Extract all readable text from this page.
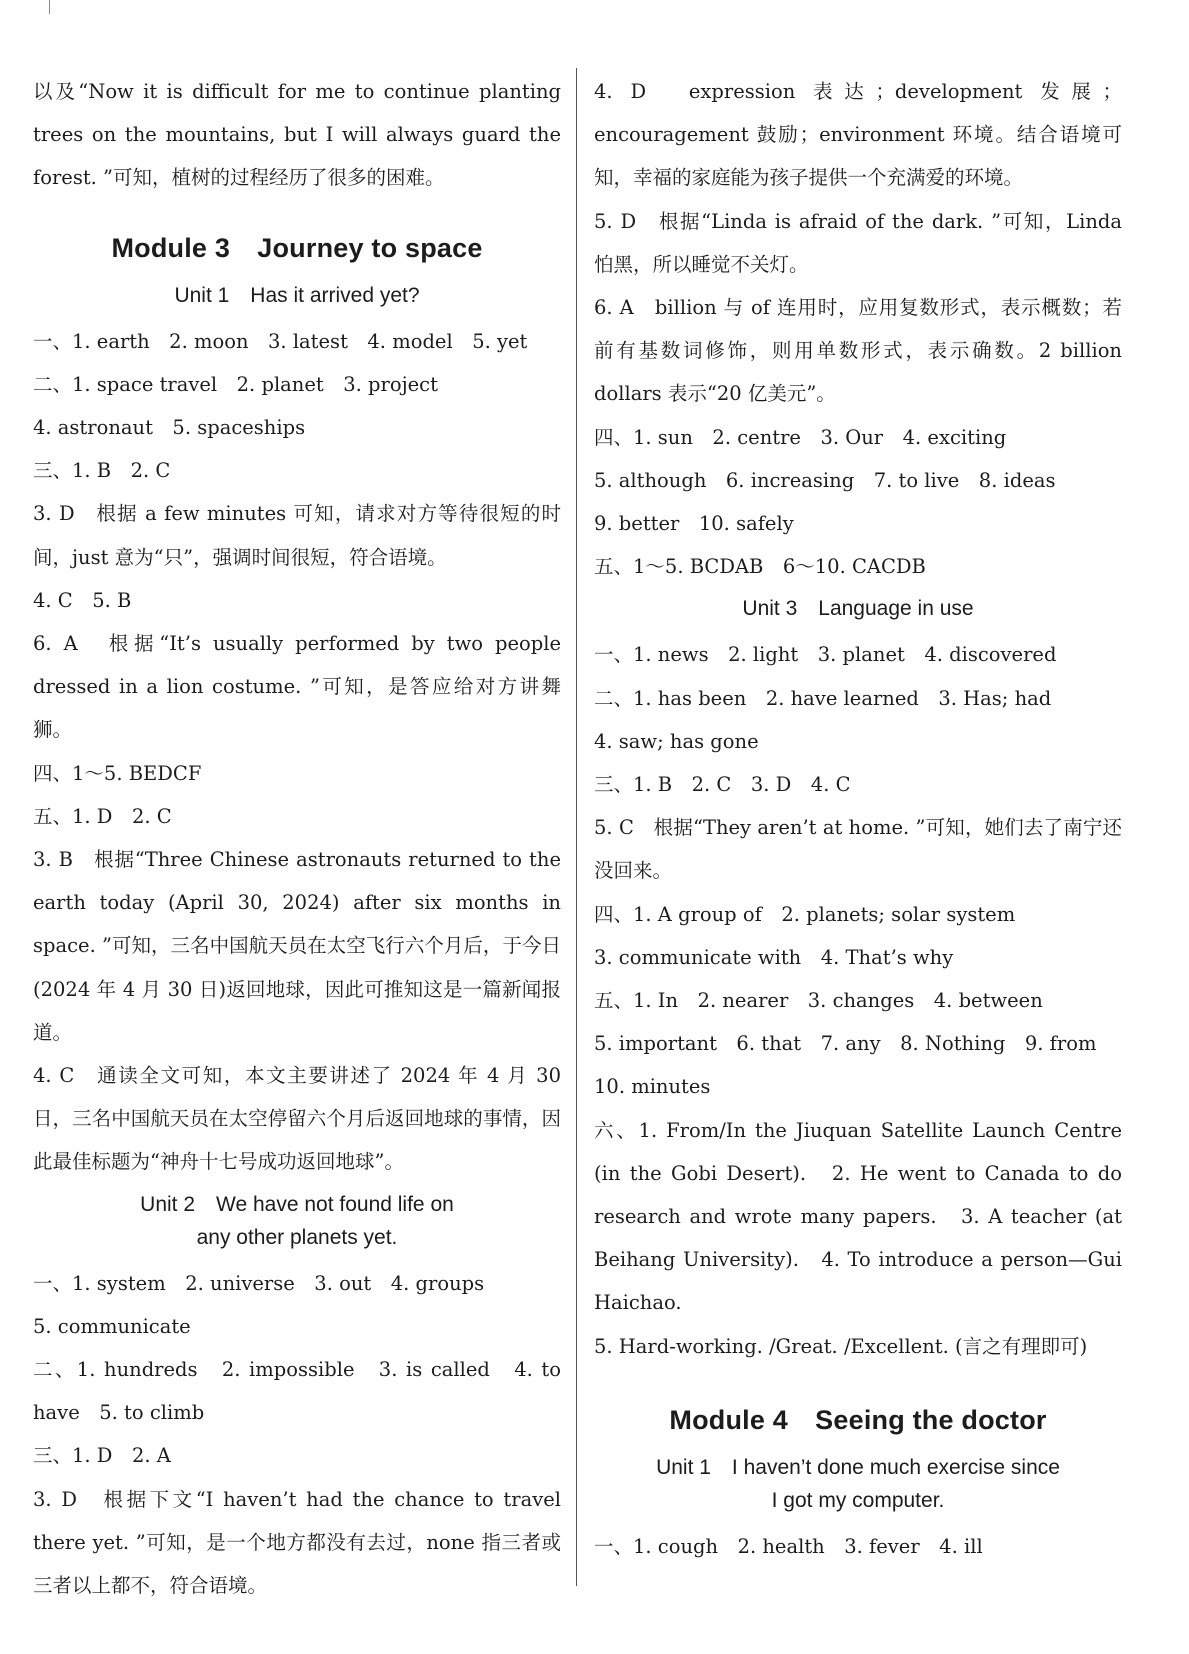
以及“Now it is difficult for me to continue planting trees on the mountains, but I will always guard the forest. ”可知，植树的过程经历了很多的困难。

Module 3　Journey to space
Unit 1　Has it arrived yet?

一、1. earth　2. moon　3. latest　4. model　5. yet

二、1. space travel　2. planet　3. project

4. astronaut　5. spaceships

三、1. B　2. C

3. D　根据 a few minutes 可知，请求对方等待很短的时间，just 意为“只”，强调时间很短，符合语境。

4. C　5. B

6. A　根据“It’s usually performed by two people dressed in a lion costume. ”可知，是答应给对方讲舞狮。

四、1～5. BEDCF

五、1. D　2. C

3. B　根据“Three Chinese astronauts returned to the earth today (April 30, 2024) after six months in space. ”可知，三名中国航天员在太空飞行六个月后，于今日(2024 年 4 月 30 日)返回地球，因此可推知这是一篇新闻报道。

4. C　通读全文可知，本文主要讲述了 2024 年 4 月 30 日，三名中国航天员在太空停留六个月后返回地球的事情，因此最佳标题为“神舟十七号成功返回地球”。

Unit 2　We have not found life on
any other planets yet.

一、1. system　2. universe　3. out　4. groups

5. communicate

二、1. hundreds　2. impossible　3. is called　4. to have　5. to climb

三、1. D　2. A

3. D　根据下文“I haven’t had the chance to travel there yet. ”可知，是一个地方都没有去过，none 指三者或三者以上都不，符合语境。

4. D　expression 表达；development 发展；encouragement 鼓励；environment 环境。结合语境可知，幸福的家庭能为孩子提供一个充满爱的环境。

5. D　根据“Linda is afraid of the dark. ”可知，Linda 怕黑，所以睡觉不关灯。

6. A　billion 与 of 连用时，应用复数形式，表示概数；若前有基数词修饰，则用单数形式，表示确数。2 billion dollars 表示“20 亿美元”。

四、1. sun　2. centre　3. Our　4. exciting

5. although　6. increasing　7. to live　8. ideas

9. better　10. safely

五、1～5. BCDAB　6～10. CACDB

Unit 3　Language in use

一、1. news　2. light　3. planet　4. discovered

二、1. has been　2. have learned　3. Has; had

4. saw; has gone

三、1. B　2. C　3. D　4. C

5. C　根据“They aren’t at home. ”可知，她们去了南宁还没回来。

四、1. A group of　2. planets; solar system

3. communicate with　4. That’s why

五、1. In　2. nearer　3. changes　4. between

5. important　6. that　7. any　8. Nothing　9. from

10. minutes

六、1. From/In the Jiuquan Satellite Launch Centre (in the Gobi Desert).　2. He went to Canada to do research and wrote many papers.　3. A teacher (at Beihang University).　4. To introduce a person—Gui Haichao.

5. Hard-working. /Great. /Excellent. (言之有理即可)

Module 4　Seeing the doctor
Unit 1　I haven’t done much exercise since
I got my computer.

一、1. cough　2. health　3. fever　4. ill
